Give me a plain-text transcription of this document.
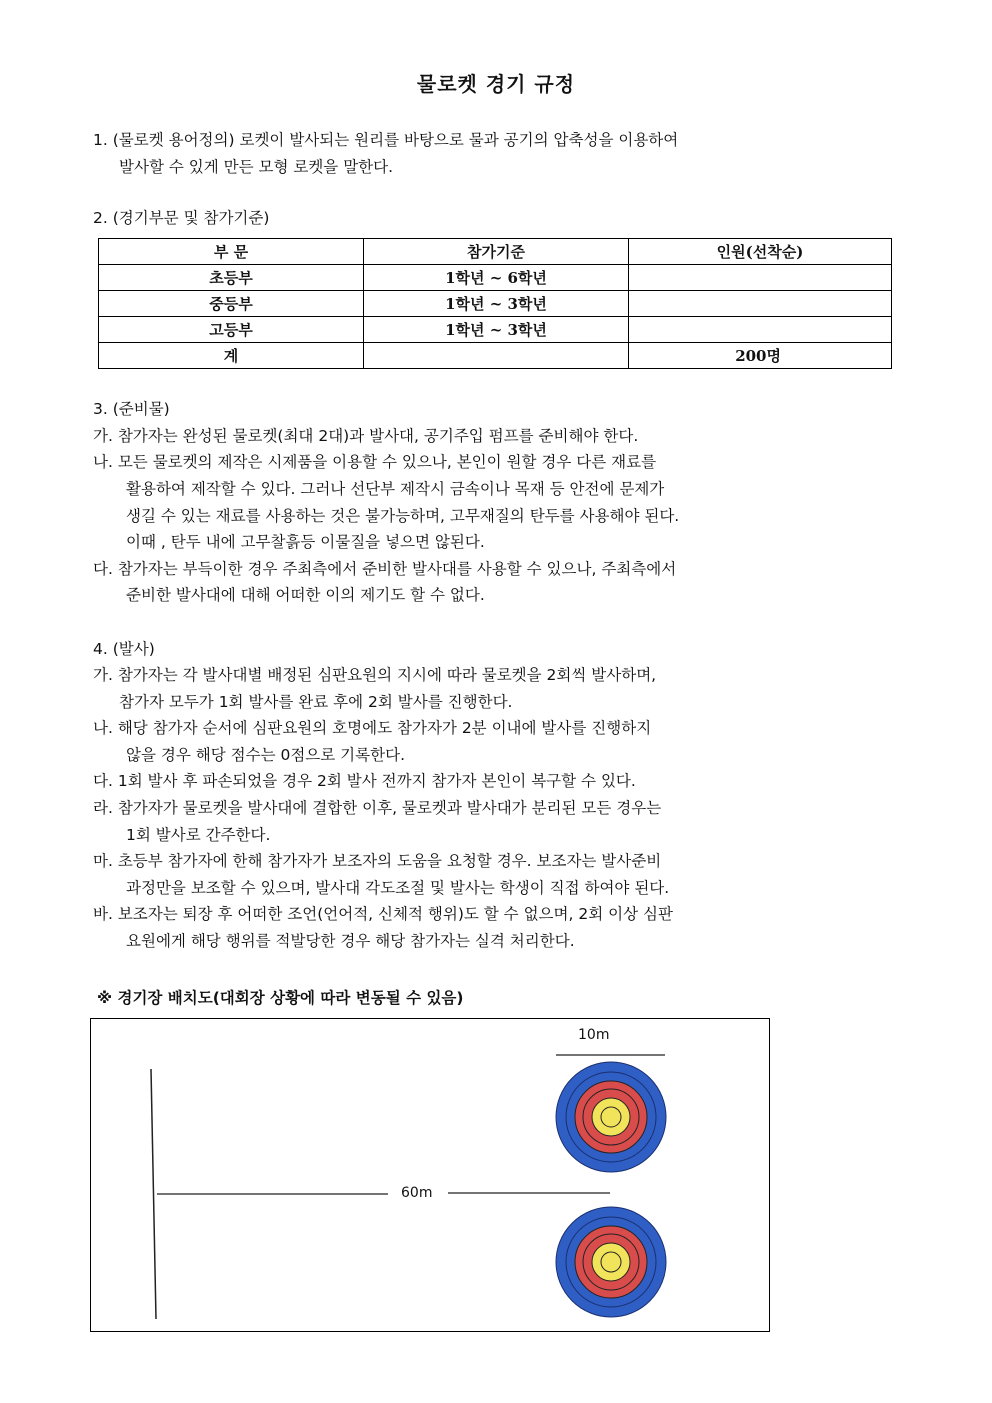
물로켓 경기 규정
1. (물로켓 용어정의) 로켓이 발사되는 원리를 바탕으로 물과 공기의 압축성을 이용하여
발사할 수 있게 만든 모형 로켓을 말한다.
2. (경기부문 및 참가기준)
부 문	참가기준	인원(선착순)
초등부	1학년 ~ 6학년	
중등부	1학년 ~ 3학년	
고등부	1학년 ~ 3학년	
계		200명
3. (준비물)
가. 참가자는 완성된 물로켓(최대 2대)과 발사대, 공기주입 펌프를 준비해야 한다.
나. 모든 물로켓의 제작은 시제품을 이용할 수 있으나, 본인이 원할 경우 다른 재료를
활용하여 제작할 수 있다. 그러나 선단부 제작시 금속이나 목재 등 안전에 문제가
생길 수 있는 재료를 사용하는 것은 불가능하며, 고무재질의 탄두를 사용해야 된다.
이때 , 탄두 내에 고무찰흙등 이물질을 넣으면 않된다.
다. 참가자는 부득이한 경우 주최측에서 준비한 발사대를 사용할 수 있으나, 주최측에서
준비한 발사대에 대해 어떠한 이의 제기도 할 수 없다.
4. (발사)
가. 참가자는 각 발사대별 배정된 심판요원의 지시에 따라 물로켓을 2회씩 발사하며,
참가자 모두가 1회 발사를 완료 후에 2회 발사를 진행한다.
나. 해당 참가자 순서에 심판요원의 호명에도 참가자가 2분 이내에 발사를 진행하지
않을 경우 해당 점수는 0점으로 기록한다.
다. 1회 발사 후 파손되었을 경우 2회 발사 전까지 참가자 본인이 복구할 수 있다.
라. 참가자가 물로켓을 발사대에 결합한 이후, 물로켓과 발사대가 분리된 모든 경우는
1회 발사로 간주한다.
마. 초등부 참가자에 한해 참가자가 보조자의 도움을 요청할 경우. 보조자는 발사준비
과정만을 보조할 수 있으며, 발사대 각도조절 및 발사는 학생이 직접 하여야 된다.
바. 보조자는 퇴장 후 어떠한 조언(언어적, 신체적 행위)도 할 수 없으며, 2회 이상 심판
요원에게 해당 행위를 적발당한 경우 해당 참가자는 실격 처리한다.
※ 경기장 배치도(대회장 상황에 따라 변동될 수 있음)
10m
60m
